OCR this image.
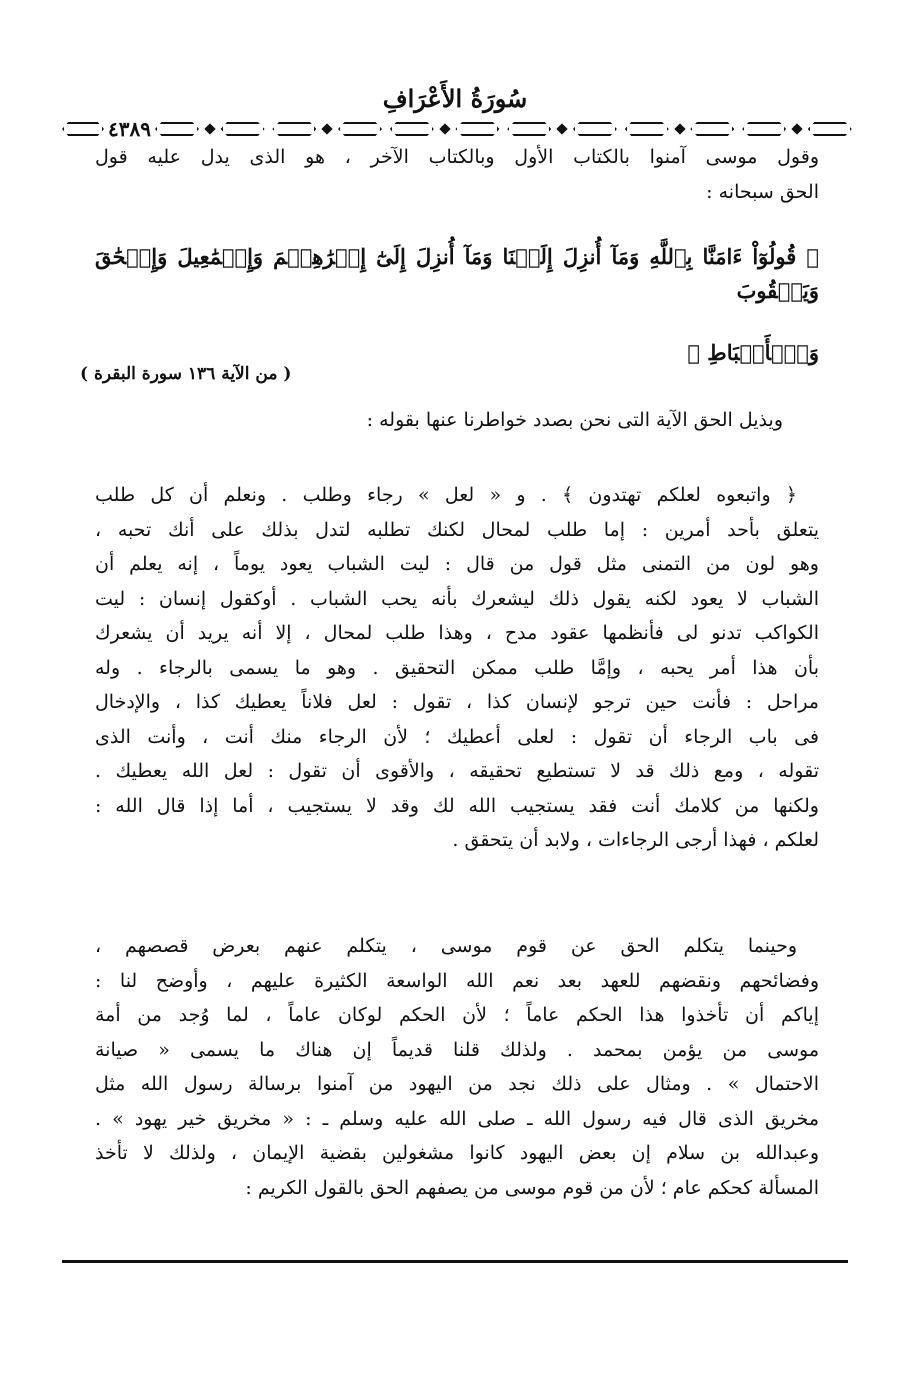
سُورَةُ الأَعْرَافِ
٤٣٨٩
وقول موسى آمنوا بالكتاب الأول وبالكتاب الآخر ، هو الذى يدل عليه قول
الحق سبحانه :
﴿ قُولُوٓاْ ءَامَنَّا بِٱللَّهِ وَمَآ أُنزِلَ إِلَيۡنَا وَمَآ أُنزِلَ إِلَىٰٓ إِبۡرَٰهِـۧمَ وَإِسۡمَٰعِيلَ وَإِسۡحَٰقَ وَيَعۡقُوبَ
وَٱلۡأَسۡبَاطِ ﴾
( من الآية ١٣٦ سورة البقرة )
ويذيل الحق الآية التى نحن بصدد خواطرنا عنها بقوله :
﴿ واتبعوه لعلكم تهتدون ﴾ . و « لعل » رجاء وطلب . ونعلم أن كل طلب
يتعلق بأحد أمرين : إما طلب لمحال لكنك تطلبه لتدل بذلك على أنك تحبه ،
وهو لون من التمنى مثل قول من قال : ليت الشباب يعود يوماً ، إنه يعلم أن
الشباب لا يعود لكنه يقول ذلك ليشعرك بأنه يحب الشباب . أوكقول إنسان : ليت
الكواكب تدنو لى فأنظمها عقود مدح ، وهذا طلب لمحال ، إلا أنه يريد أن يشعرك
بأن هذا أمر يحبه ، وإمَّا طلب ممكن التحقيق . وهو ما يسمى بالرجاء . وله
مراحل : فأنت حين ترجو لإنسان كذا ، تقول : لعل فلاناً يعطيك كذا ، والإدخال
فى باب الرجاء أن تقول : لعلى أعطيك ؛ لأن الرجاء منك أنت ، وأنت الذى
تقوله ، ومع ذلك قد لا تستطيع تحقيقه ، والأقوى أن تقول : لعل الله يعطيك .
ولكنها من كلامك أنت فقد يستجيب الله لك وقد لا يستجيب ، أما إذا قال الله :
لعلكم ، فهذا أرجى الرجاءات ، ولابد أن يتحقق .
وحينما يتكلم الحق عن قوم موسى ، يتكلم عنهم بعرض قصصهم ،
وفضائحهم ونقضهم للعهد بعد نعم الله الواسعة الكثيرة عليهم ، وأوضح لنا :
إياكم أن تأخذوا هذا الحكم عاماً ؛ لأن الحكم لوكان عاماً ، لما وُجد من أمة
موسى من يؤمن بمحمد . ولذلك قلنا قديماً إن هناك ما يسمى « صيانة
الاحتمال » . ومثال على ذلك نجد من اليهود من آمنوا برسالة رسول الله مثل
مخريق الذى قال فيه رسول الله ـ صلى الله عليه وسلم ـ : « مخريق خير يهود » .
وعبدالله بن سلام إن بعض اليهود كانوا مشغولين بقضية الإيمان ، ولذلك لا تأخذ
المسألة كحكم عام ؛ لأن من قوم موسى من يصفهم الحق بالقول الكريم :
